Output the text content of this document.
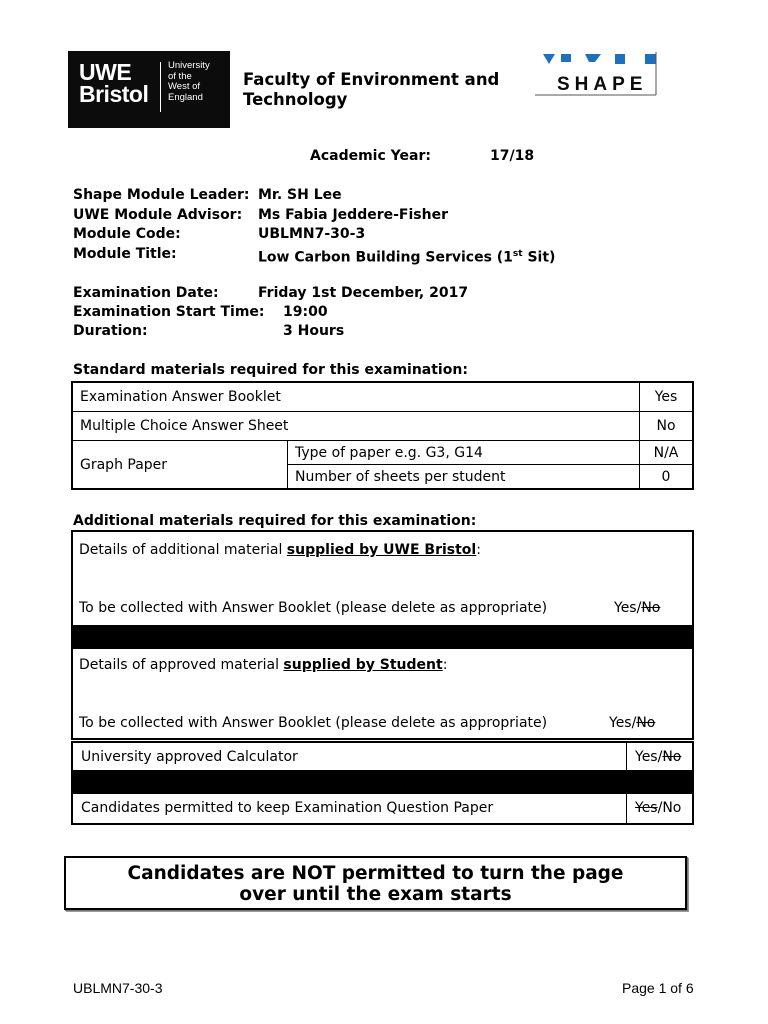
UWE
Bristol
University
of the
West of
England
Faculty of Environment and
Technology
SHAPE
Academic Year:	17/18
Shape Module Leader: Mr. SH Lee
UWE Module Advisor: Ms Fabia Jeddere-Fisher
Module Code:	UBLMN7-30-3
Module Title:	Low Carbon Building Services (1st Sit)
Examination Date:	Friday 1st December, 2017
Examination Start Time: 19:00
Duration:	3 Hours
Standard materials required for this examination:
Examination Answer Booklet		Yes
Multiple Choice Answer Sheet		No
Graph Paper	Type of paper e.g. G3, G14	N/A
	Number of sheets per student	0
Additional materials required for this examination:
Details of additional material supplied by UWE Bristol:
To be collected with Answer Booklet (please delete as appropriate)	Yes/No
Details of approved material supplied by Student:
To be collected with Answer Booklet (please delete as appropriate)	Yes/No
University approved Calculator	Yes/No
Candidates permitted to keep Examination Question Paper	Yes/No
Candidates are NOT permitted to turn the page
over until the exam starts
UBLMN7-30-3	Page 1 of 6
